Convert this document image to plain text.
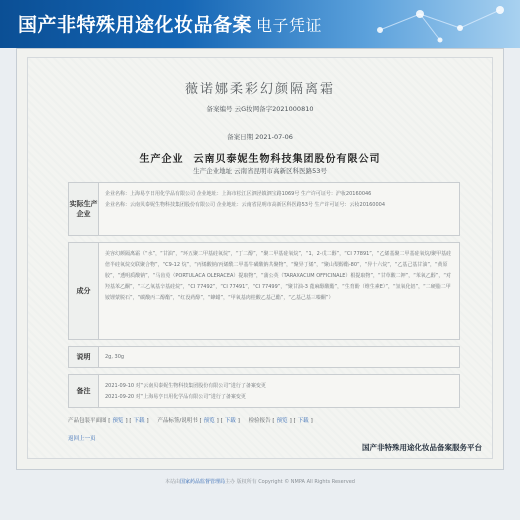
国产非特殊用途化妆品备案 电子凭证
薇诺娜柔彩幻颜隔离霜
备案编号 云G妆网备字2021000810
备案日期 2021-07-06
生产企业 云南贝泰妮生物科技集团股份有限公司
生产企业地址 云南省昆明市高新区科医路53号
实际生产企业
企业名称：上海易亨日用化学品有限公司 企业地址：上海市松江区泗泾镇泗宝路1069号 生产许可证号：沪妆20160046
企业名称：云南贝泰妮生物科技集团股份有限公司 企业地址：云南省昆明市高新区科医路53号 生产许可证号：云妆20160004
成分
美容幻颜隔离霜（“水”，“甘油”，“环五聚二甲基硅氧烷”，“丁二醇”，“聚二甲基硅氧烷”，“1，2-戊二醇”，“CI 77891”，“乙烯基聚二甲基硅氧烷/聚甲基硅倍半硅氧烷交联聚合物”，“C9-12 烷”，“丙烯酸钠/丙烯酰二甲基牛磺酸钠共聚物”，“聚异丁烯”，“聚山梨醇酯-80”，“异十六烷”，“乙基己基甘油”，“黄原胶”，“透明质酸钠”，“马齿苋（PORTULACA OLERACEA）提取物”，“蒲公英（TARAXACUM OFFICINALE）根提取物”，“甘草酸二钾”，“苯氧乙醇”，“对羟基苯乙酮”，“三乙氧基辛基硅烷”，“CI 77492”，“CI 77491”，“CI 77499”，“聚甘油-3 蓖麻醇酸酯”，“生育酚（维生素E）”，“氢氧化铝”，“二硬脂二甲铵锂蒙脱石”，“碳酸丙二醇酯”，“红没药醇”，“蜂蜡”，“甲氧基肉桂酸乙基己酯”，“乙基己基三嗪酮”）
说明	2g, 30g
备注
2021-09-10 对“云南贝泰妮生物科技集团股份有限公司”进行了备案变更
2021-09-20 对“上海易亨日用化学品有限公司”进行了备案变更
产品包装平面图 [ 预览 ] [ 下载 ]     产品标签/说明书 [ 预览 ] [ 下载 ]     检验报告 [ 预览 ] [ 下载 ]
返回上一页
国产非特殊用途化妆品备案服务平台
本站由国家药品监督管理局主办 版权所有 Copyright © NMPA All Rights Reserved
